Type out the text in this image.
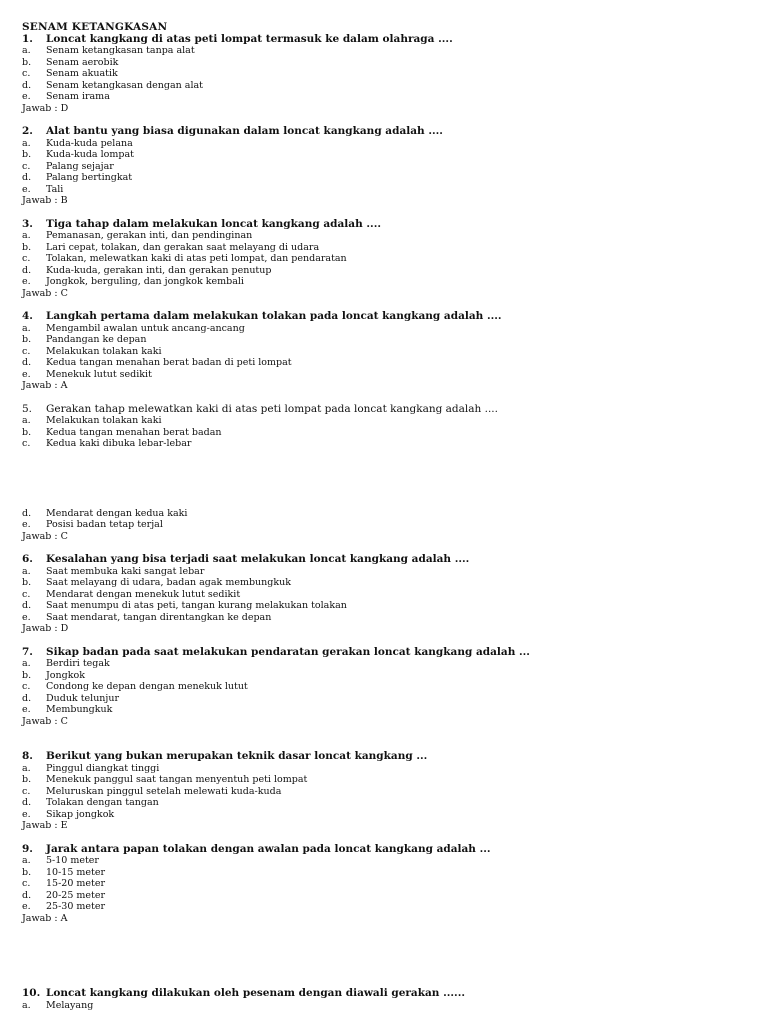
SENAM KETANGKASAN
1.	Loncat kangkang di atas peti lompat termasuk ke dalam olahraga ....
a.	Senam ketangkasan tanpa alat
b.	Senam aerobik
c.	Senam akuatik
d.	Senam ketangkasan dengan alat
e.	Senam irama
Jawab : D
2.	Alat bantu yang biasa digunakan dalam loncat kangkang adalah ....
a.	Kuda-kuda pelana
b.	Kuda-kuda lompat
c.	Palang sejajar
d.	Palang bertingkat
e.	Tali
Jawab : B
3.	Tiga tahap dalam melakukan loncat kangkang adalah ....
a.	Pemanasan, gerakan inti, dan pendinginan
b.	Lari cepat, tolakan, dan gerakan saat melayang di udara
c.	Tolakan, melewatkan kaki di atas peti lompat, dan pendaratan
d.	Kuda-kuda, gerakan inti, dan gerakan penutup
e.	Jongkok, berguling, dan jongkok kembali
Jawab : C
4.	Langkah pertama dalam melakukan tolakan pada loncat kangkang adalah ....
a.	Mengambil awalan untuk ancang-ancang
b.	Pandangan ke depan
c.	Melakukan tolakan kaki
d.	Kedua tangan menahan berat badan di peti lompat
e.	Menekuk lutut sedikit
Jawab : A
5.	Gerakan tahap melewatkan kaki di atas peti lompat pada loncat kangkang adalah ....
a.	Melakukan tolakan kaki
b.	Kedua tangan menahan berat badan
c.	Kedua kaki dibuka lebar-lebar
d.	Mendarat dengan kedua kaki
e.	Posisi badan tetap terjal
Jawab : C
6.	Kesalahan yang bisa terjadi saat melakukan loncat kangkang adalah ....
a.	Saat membuka kaki sangat lebar
b.	Saat melayang di udara, badan agak membungkuk
c.	Mendarat dengan menekuk lutut sedikit
d.	Saat menumpu di atas peti, tangan kurang melakukan tolakan
e.	Saat mendarat, tangan direntangkan ke depan
Jawab : D
7.	Sikap badan pada saat melakukan pendaratan gerakan loncat kangkang adalah ...
a.	Berdiri tegak
b.	Jongkok
c.	Condong ke depan dengan menekuk lutut
d.	Duduk telunjur
e.	Membungkuk
Jawab : C
8.	Berikut yang bukan merupakan teknik dasar loncat kangkang ...
a.	Pinggul diangkat tinggi
b.	Menekuk panggul saat tangan menyentuh peti lompat
c.	Meluruskan pinggul setelah melewati kuda-kuda
d.	Tolakan dengan tangan
e.	Sikap jongkok
Jawab : E
9.	Jarak antara papan tolakan dengan awalan pada loncat kangkang adalah ...
a.	5-10 meter
b.	10-15 meter
c.	15-20 meter
d.	20-25 meter
e.	25-30 meter
Jawab : A
10. Loncat kangkang dilakukan oleh pesenam dengan diawali gerakan ......
a.	Melayang
